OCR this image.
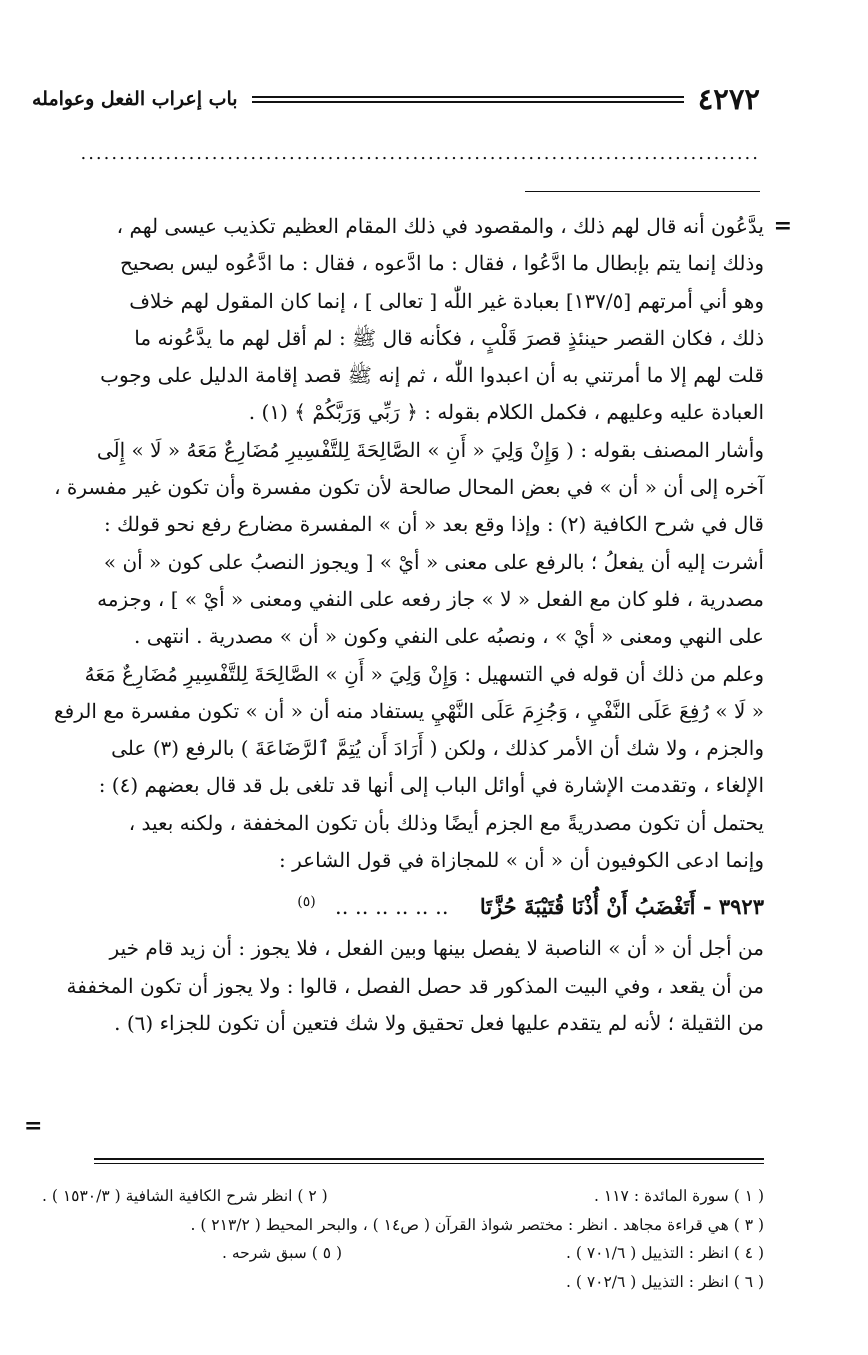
٤٢٧٢
باب إعراب الفعل وعوامله
........................................................................................
=

يدَّعُون أنه قال لهم ذلك ، والمقصود في ذلك المقام العظيم تكذيب عيسى لهم ،

وذلك إنما يتم بإبطال ما ادَّعُوا ، فقال : ما ادَّعوه ، فقال : ما ادَّعُوه ليس بصحيح

وهو أني أمرتهم [١٣٧/٥] بعبادة غير اللّٰه [ تعالى ] ، إنما كان المقول لهم خلاف

ذلك ، فكان القصر حينئذٍ قصرَ قَلْبٍ ، فكأنه قال ﷺ : لم أقل لهم ما يدَّعُونه ما

قلت لهم إلا ما أمرتني به أن اعبدوا اللّٰه ، ثم إنه ﷺ قصد إقامة الدليل على وجوب

العبادة عليه وعليهم ، فكمل الكلام بقوله : ﴿ رَبِّي وَرَبَّكُمْ ﴾ (١) .

وأشار المصنف بقوله : ( وَإِنْ وَلِيَ « أَنِ » الصَّالِحَةَ لِلتَّفْسِيرِ مُضَارِعٌ مَعَهُ « لَا » إِلَى

آخره إلى أن « أن » في بعض المحال صالحة لأن تكون مفسرة وأن تكون غير مفسرة ،

قال في شرح الكافية (٢) : وإذا وقع بعد « أن » المفسرة مضارع رفع نحو قولك :

أشرت إليه أن يفعلُ ؛ بالرفع على معنى « أيْ » [ ويجوز النصبُ على كون « أن »

مصدرية ، فلو كان مع الفعل « لا » جاز رفعه على النفي ومعنى « أيْ » ] ، وجزمه

على النهي ومعنى « أيْ » ، ونصبُه على النفي وكون « أن » مصدرية . انتهى .

وعلم من ذلك أن قوله في التسهيل : وَإِنْ وَلِيَ « أَنِ » الصَّالِحَةَ لِلتَّفْسِيرِ مُضَارِعٌ مَعَهُ

« لَا » رُفِعَ عَلَى النَّفْيِ ، وَجُزِمَ عَلَى النَّهْيِ يستفاد منه أن « أن » تكون مفسرة مع الرفع

والجزم ، ولا شك أن الأمر كذلك ، ولكن ( أَرَادَ أَن يُتِمَّ ٱلرَّضَاعَةَ ) بالرفع (٣) على

الإلغاء ، وتقدمت الإشارة في أوائل الباب إلى أنها قد تلغى بل قد قال بعضهم (٤) :

يحتمل أن تكون مصدريةً مع الجزم أيضًا وذلك بأن تكون المخففة ، ولكنه بعيد ،

وإنما ادعى الكوفيون أن « أن » للمجازاة في قول الشاعر :

٣٩٢٣ - أَتَغْضَبُ أَنْ أُذْنَا قُتَيْبَةَ حُزَّتَا .. .. .. .. .. .. $^{(٥)}$

من أجل أن « أن » الناصبة لا يفصل بينها وبين الفعل ، فلا يجوز : أن زيد قام خير

من أن يقعد ، وفي البيت المذكور قد حصل الفصل ، قالوا : ولا يجوز أن تكون المخففة

من الثقيلة ؛ لأنه لم يتقدم عليها فعل تحقيق ولا شك فتعين أن تكون للجزاء (٦) .

=
( ١ ) سورة المائدة : ١١٧ .
( ٢ ) انظر شرح الكافية الشافية ( ١٥٣٠/٣ ) .
( ٣ ) هي قراءة مجاهد . انظر : مختصر شواذ القرآن ( ص١٤ ) ، والبحر المحيط ( ٢١٣/٢ ) .
( ٤ ) انظر : التذييل ( ٧٠١/٦ ) .
( ٥ ) سبق شرحه .
( ٦ ) انظر : التذييل ( ٧٠٢/٦ ) .
